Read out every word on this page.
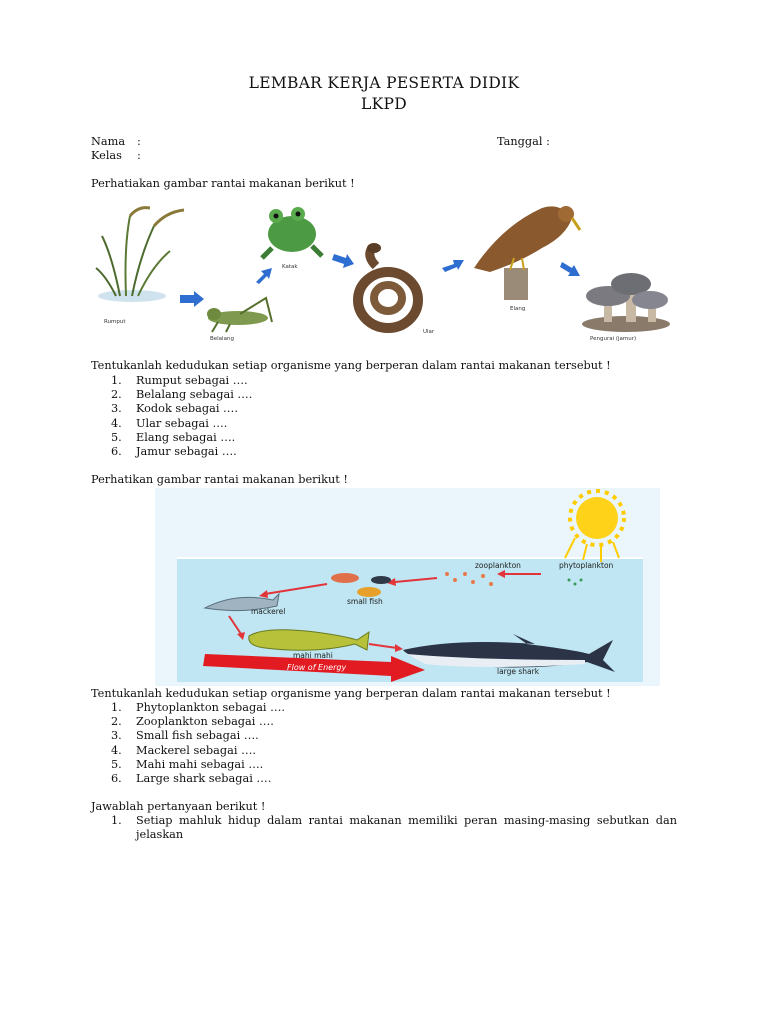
LEMBAR KERJA PESERTA DIDIK
LKPD
Nama :
Kelas :
Tanggal :
Perhatiakan gambar rantai makanan berikut !
Rumput
Belalang
Katak
Ular
Elang
Pengurai (jamur)
Tentukanlah kedudukan setiap organisme yang berperan dalam rantai makanan tersebut !
1. Rumput sebagai ….
2. Belalang sebagai ….
3. Kodok sebagai ….
4. Ular sebagai ….
5. Elang sebagai ….
6. Jamur sebagai ….
Perhatikan gambar rantai makanan berikut !
phytoplankton
zooplankton
small fish
mackerel
mahi mahi
large shark
Flow of Energy
Tentukanlah kedudukan setiap organisme yang berperan dalam rantai makanan tersebut !
1. Phytoplankton sebagai ….
2. Zooplankton sebagai ….
3. Small fish sebagai ….
4. Mackerel sebagai ….
5. Mahi mahi sebagai ….
6. Large shark sebagai ….
Jawablah pertanyaan berikut !
1. Setiap mahluk hidup dalam rantai makanan memiliki peran masing-masing sebutkan dan jelaskan
